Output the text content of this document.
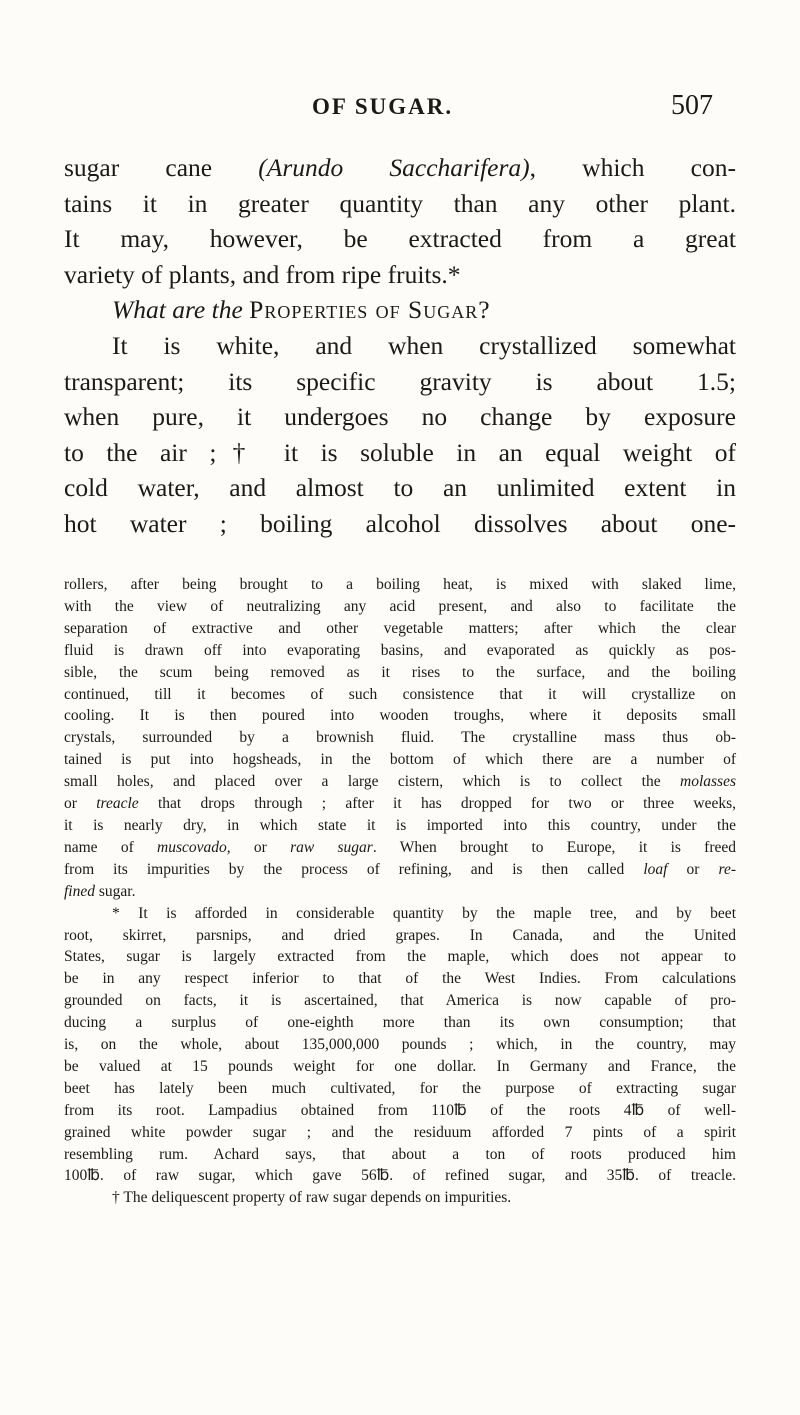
OF SUGAR.	507
sugar cane (Arundo Saccharifera), which con-
tains it in greater quantity than any other plant.
It may, however, be extracted from a great
variety of plants, and from ripe fruits.*
What are the Properties of Sugar?
It is white, and when crystallized somewhat
transparent; its specific gravity is about 1.5;
when pure, it undergoes no change by exposure
to the air ;† it is soluble in an equal weight of
cold water, and almost to an unlimited extent in
hot water ; boiling alcohol dissolves about one-
rollers, after being brought to a boiling heat, is mixed with slaked lime,
with the view of neutralizing any acid present, and also to facilitate the
separation of extractive and other vegetable matters; after which the clear
fluid is drawn off into evaporating basins, and evaporated as quickly as pos-
sible, the scum being removed as it rises to the surface, and the boiling
continued, till it becomes of such consistence that it will crystallize on
cooling. It is then poured into wooden troughs, where it deposits small
crystals, surrounded by a brownish fluid. The crystalline mass thus ob-
tained is put into hogsheads, in the bottom of which there are a number of
small holes, and placed over a large cistern, which is to collect the molasses
or treacle that drops through ; after it has dropped for two or three weeks,
it is nearly dry, in which state it is imported into this country, under the
name of muscovado, or raw sugar. When brought to Europe, it is freed
from its impurities by the process of refining, and is then called loaf or re-
fined sugar.
* It is afforded in considerable quantity by the maple tree, and by beet
root, skirret, parsnips, and dried grapes. In Canada, and the United
States, sugar is largely extracted from the maple, which does not appear to
be in any respect inferior to that of the West Indies. From calculations
grounded on facts, it is ascertained, that America is now capable of pro-
ducing a surplus of one-eighth more than its own consumption; that
is, on the whole, about 135,000,000 pounds ; which, in the country, may
be valued at 15 pounds weight for one dollar. In Germany and France, the
beet has lately been much cultivated, for the purpose of extracting sugar
from its root. Lampadius obtained from 110℔ of the roots 4℔ of well-
grained white powder sugar ; and the residuum afforded 7 pints of a spirit
resembling rum. Achard says, that about a ton of roots produced him
100℔. of raw sugar, which gave 56℔. of refined sugar, and 35℔. of treacle.
† The deliquescent property of raw sugar depends on impurities.
